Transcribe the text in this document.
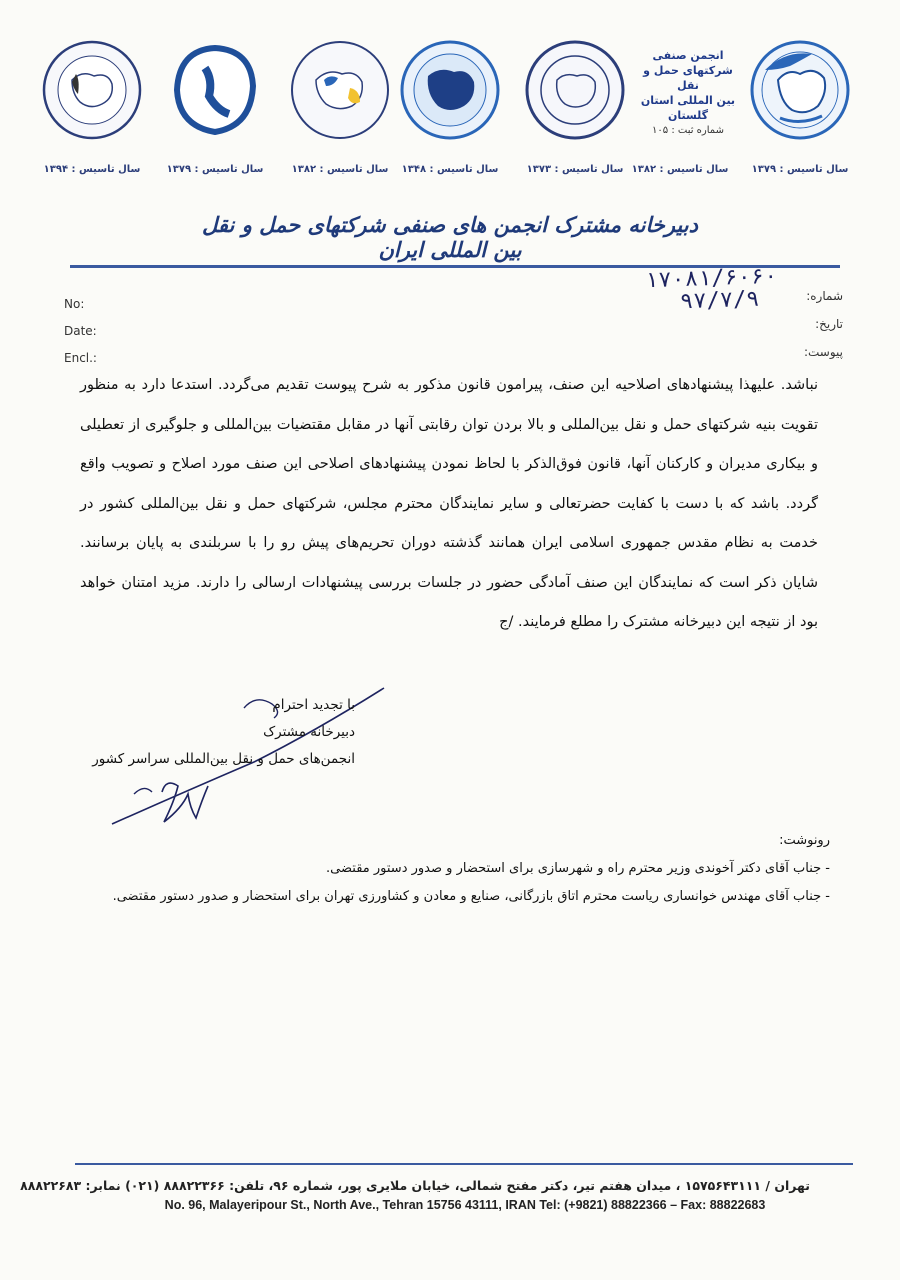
سال تاسیس : ۱۳۷۹
انجمن صنفی
شرکتهای حمل و نقل
بین المللی استان
گلستان
شماره ثبت : ۱۰۵
سال تاسیس : ۱۳۸۲
سال تاسیس : ۱۳۷۳
سال تاسیس : ۱۳۴۸
سال تاسیس : ۱۳۸۲
سال تاسیس : ۱۳۷۹
سال تاسیس : ۱۳۹۴
دبیرخانه مشترک انجمن های صنفی شرکتهای حمل و نقل بین المللی ایران
No:
Date:
Encl.:
شماره:
تاریخ:
پیوست:
۱۷۰۸۱/۶۰۶۰
۹۷/۷/۹
نباشد. علیهذا پیشنهادهای اصلاحیه این صنف، پیرامون قانون مذکور به شرح پیوست تقدیم می‌گردد. استدعا دارد به منظور تقویت بنیه شرکتهای حمل و نقل بین‌المللی و بالا بردن توان رقابتی آنها در مقابل مقتضیات بین‌المللی و جلوگیری از تعطیلی و بیکاری مدیران و کارکنان آنها، قانون فوق‌الذکر با لحاظ نمودن پیشنهادهای اصلاحی این صنف مورد اصلاح و تصویب واقع گردد. باشد که با دست با کفایت حضرتعالی و سایر نمایندگان محترم مجلس، شرکتهای حمل و نقل بین‌المللی کشور در خدمت به نظام مقدس جمهوری اسلامی ایران همانند گذشته دوران تحریم‌های پیش رو را با سربلندی به پایان برسانند. شایان ذکر است که نمایندگان این صنف آمادگی حضور در جلسات بررسی پیشنهادات ارسالی را دارند. مزید امتنان خواهد بود از نتیجه این دبیرخانه مشترک را مطلع فرمایند. /ج
با تجدید احترام
دبیرخانه مشترک
انجمن‌های حمل و نقل بین‌المللی سراسر کشور
رونوشت:
- جناب آقای دکتر آخوندی وزیر محترم راه و شهرسازی برای استحضار و صدور دستور مقتضی.
- جناب آقای مهندس خوانساری ریاست محترم اتاق بازرگانی، صنایع و معادن و کشاورزی تهران برای استحضار و صدور دستور مقتضی.
تهران / ۱۵۷۵۶۴۳۱۱۱ ، میدان هفتم تیر، دکتر مفتح شمالی، خیابان ملایری پور، شماره ۹۶، تلفن: ۸۸۸۲۲۳۶۶ (۰۲۱) نمابر: ۸۸۸۲۲۶۸۳
No. 96, Malayeripour St., North Ave., Tehran 15756 43111, IRAN Tel: (+9821) 88822366 – Fax: 88822683
